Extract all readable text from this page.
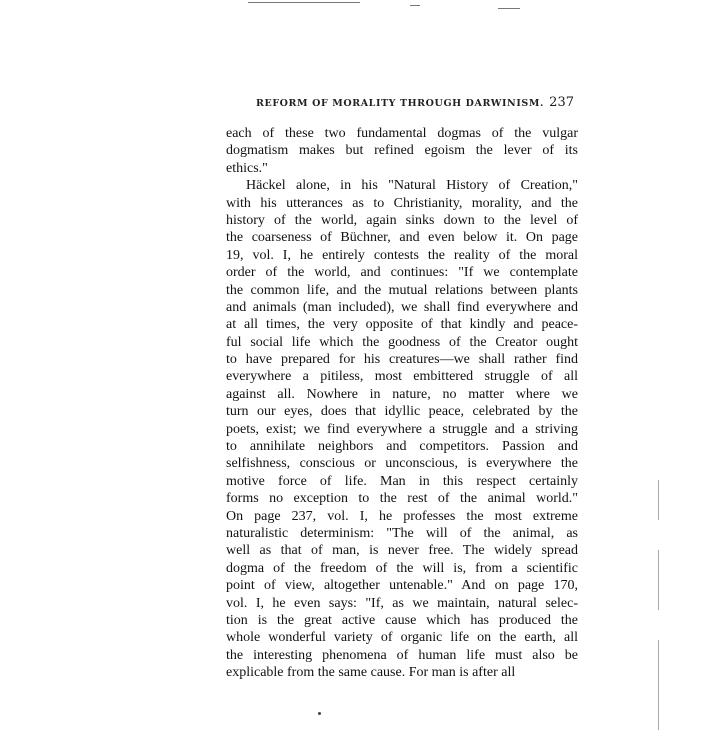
REFORM OF MORALITY THROUGH DARWINISM. 237
each of these two fundamental dogmas of the vulgar
dogmatism makes but refined egoism the lever of its
ethics."
Häckel alone, in his "Natural History of Creation,"
with his utterances as to Christianity, morality, and the
history of the world, again sinks down to the level of
the coarseness of Büchner, and even below it. On page
19, vol. I, he entirely contests the reality of the moral
order of the world, and continues: "If we contemplate
the common life, and the mutual relations between plants
and animals (man included), we shall find everywhere and
at all times, the very opposite of that kindly and peace-
ful social life which the goodness of the Creator ought
to have prepared for his creatures—we shall rather find
everywhere a pitiless, most embittered struggle of all
against all. Nowhere in nature, no matter where we
turn our eyes, does that idyllic peace, celebrated by the
poets, exist; we find everywhere a struggle and a striving
to annihilate neighbors and competitors. Passion and
selfishness, conscious or unconscious, is everywhere the
motive force of life. Man in this respect certainly
forms no exception to the rest of the animal world."
On page 237, vol. I, he professes the most extreme
naturalistic determinism: "The will of the animal, as
well as that of man, is never free. The widely spread
dogma of the freedom of the will is, from a scientific
point of view, altogether untenable." And on page 170,
vol. I, he even says: "If, as we maintain, natural selec-
tion is the great active cause which has produced the
whole wonderful variety of organic life on the earth, all
the interesting phenomena of human life must also be
explicable from the same cause. For man is after all
